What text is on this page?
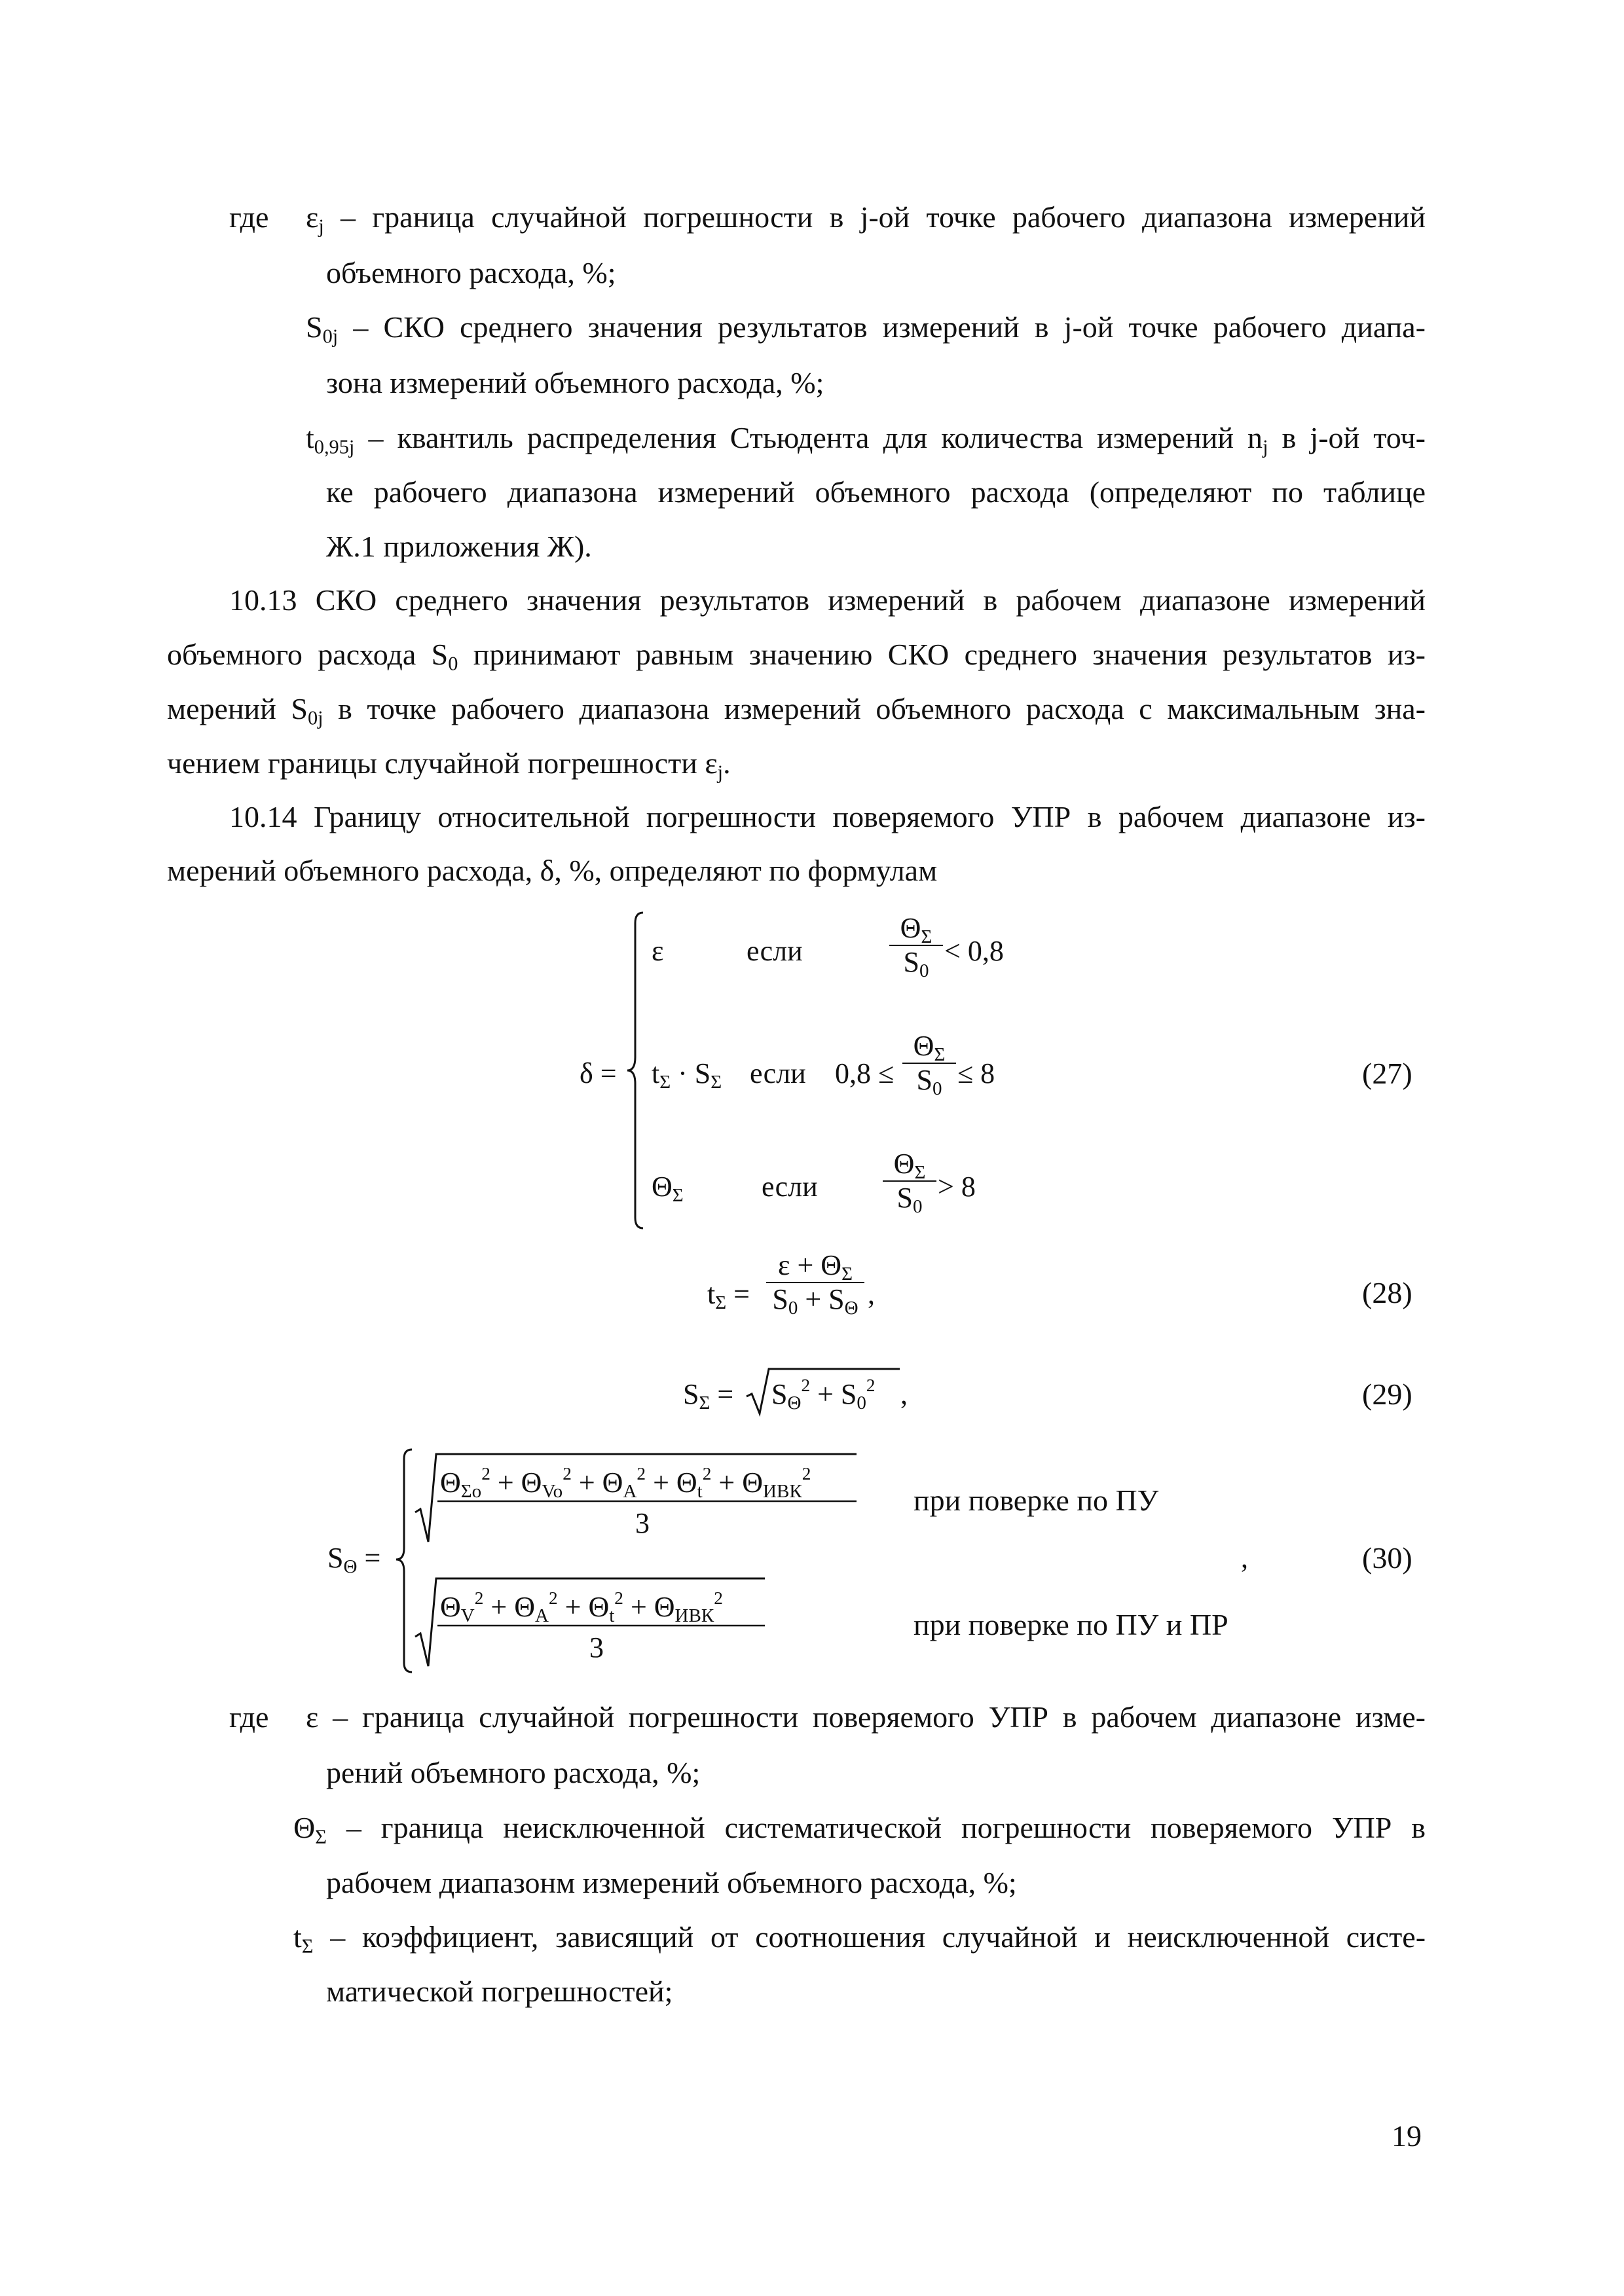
где $\varepsilon_j$ – граница случайной погрешности в j-ой точке рабочего диапазона измерений
объемного расхода, %;
$S_{0j}$ – СКО среднего значения результатов измерений в j-ой точке рабочего диапа-
зона измерений объемного расхода, %;
$t_{0,95j}$ – квантиль распределения Стьюдента для количества измерений $n_j$ в j-ой точ-
ке рабочего диапазона измерений объемного расхода (определяют по таблице
Ж.1 приложения Ж).
10.13 СКО среднего значения результатов измерений в рабочем диапазоне измерений
объемного расхода $S_0$ принимают равным значению СКО среднего значения результатов из-
мерений $S_{0j}$ в точке рабочего диапазона измерений объемного расхода с максимальным зна-
чением границы случайной погрешности $\varepsilon_j$.
10.14 Границу относительной погрешности поверяемого УПР в рабочем диапазоне из-
мерений объемного расхода, δ, %, определяют по формулам
δ =
ε	если	$\frac{\Theta_\Sigma}{S_0} < 0,8$
$t_\Sigma \cdot S_\Sigma$ если $0,8 \le \frac{\Theta_\Sigma}{S_0} \le 8$
$\Theta_\Sigma$	если $\frac{\Theta_\Sigma}{S_0} > 8$
(27)
$t_\Sigma = \frac{\varepsilon + \Theta_\Sigma}{S_0 + S_\Theta}$ ,	(28)
$S_\Sigma = S_\Theta^2 + S_0^2$ ,	(29)
$S_\Theta$ =
$\Theta_{\Sigma o}^2 + \Theta_{Vo}^2 + \Theta_A^2 + \Theta_t^2 + \Theta_{ИВК}^2$
3
при поверке по ПУ
$\Theta_V^2 + \Theta_A^2 + \Theta_t^2 + \Theta_{ИВК}^2$
3
при поверке по ПУ и ПР
,	(30)
где ε – граница случайной погрешности поверяемого УПР в рабочем диапазоне изме-
рений объемного расхода, %;
$\Theta_\Sigma$ – граница неисключенной систематической погрешности поверяемого УПР в
рабочем диапазонм измерений объемного расхода, %;
$t_\Sigma$ – коэффициент, зависящий от соотношения случайной и неисключенной систе-
матической погрешностей;
19
